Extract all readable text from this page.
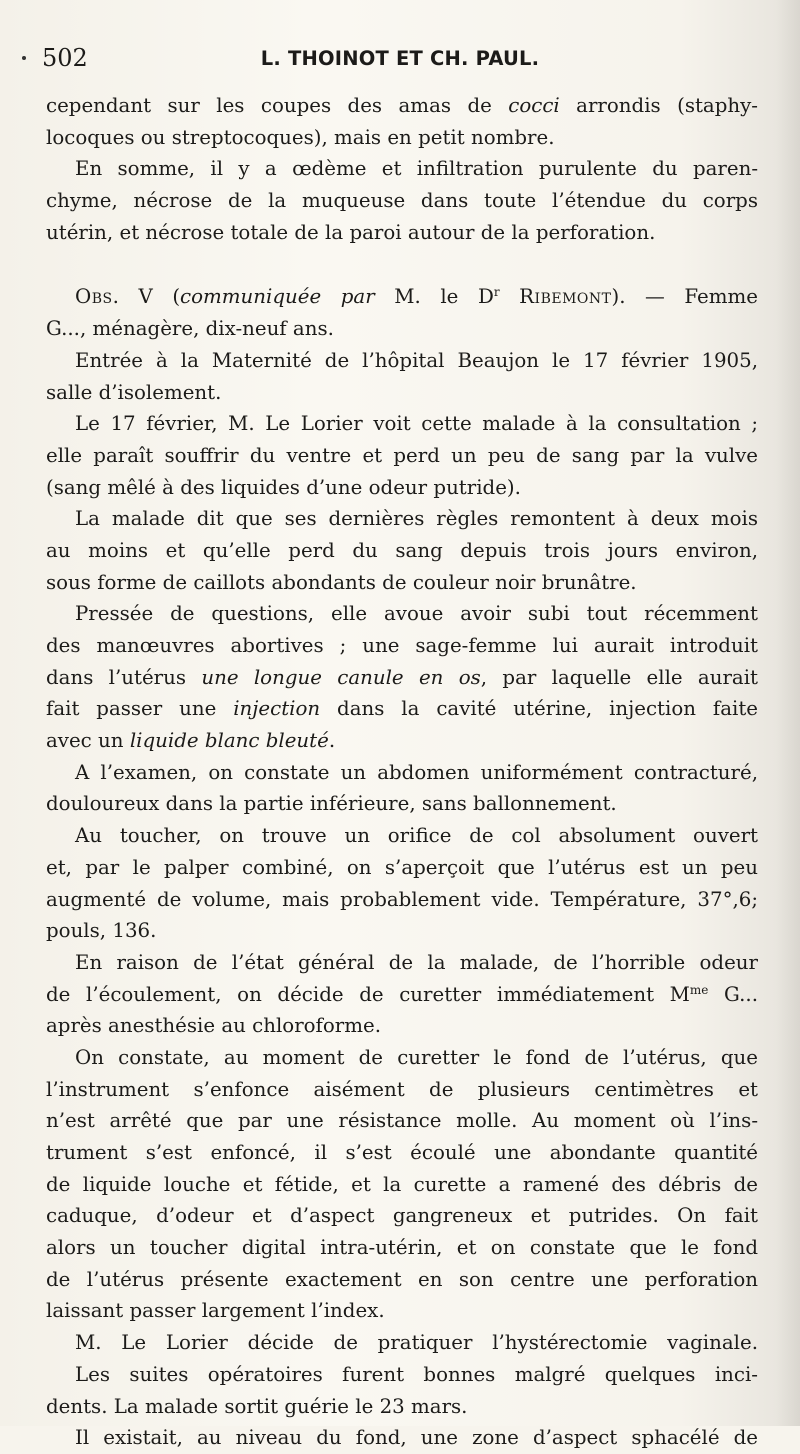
502	L. THOINOT ET CH. PAUL.
cependant sur les coupes des amas de cocci arrondis (staphy-
locoques ou streptocoques), mais en petit nombre.
En somme, il y a œdème et infiltration purulente du paren-
chyme, nécrose de la muqueuse dans toute l’étendue du corps
utérin, et nécrose totale de la paroi autour de la perforation.
Obs. V (communiquée par M. le $D^r$ Ribemont). — Femme
G..., ménagère, dix-neuf ans.
Entrée à la Maternité de l’hôpital Beaujon le 17 février 1905,
salle d’isolement.
Le 17 février, M. Le Lorier voit cette malade à la consultation ;
elle paraît souffrir du ventre et perd un peu de sang par la vulve
(sang mêlé à des liquides d’une odeur putride).
La malade dit que ses dernières règles remontent à deux mois
au moins et qu’elle perd du sang depuis trois jours environ,
sous forme de caillots abondants de couleur noir brunâtre.
Pressée de questions, elle avoue avoir subi tout récemment
des manœuvres abortives ; une sage-femme lui aurait introduit
dans l’utérus une longue canule en os, par laquelle elle aurait
fait passer une injection dans la cavité utérine, injection faite
avec un liquide blanc bleuté.
A l’examen, on constate un abdomen uniformément contracturé,
douloureux dans la partie inférieure, sans ballonnement.
Au toucher, on trouve un orifice de col absolument ouvert
et, par le palper combiné, on s’aperçoit que l’utérus est un peu
augmenté de volume, mais probablement vide. Température, 37°,6;
pouls, 136.
En raison de l’état général de la malade, de l’horrible odeur
de l’écoulement, on décide de curetter immédiatement $M^{me}$ G...
après anesthésie au chloroforme.
On constate, au moment de curetter le fond de l’utérus, que
l’instrument s’enfonce aisément de plusieurs centimètres et
n’est arrêté que par une résistance molle. Au moment où l’ins-
trument s’est enfoncé, il s’est écoulé une abondante quantité
de liquide louche et fétide, et la curette a ramené des débris de
caduque, d’odeur et d’aspect gangreneux et putrides. On fait
alors un toucher digital intra-utérin, et on constate que le fond
de l’utérus présente exactement en son centre une perforation
laissant passer largement l’index.
M. Le Lorier décide de pratiquer l’hystérectomie vaginale.
Les suites opératoires furent bonnes malgré quelques inci-
dents. La malade sortit guérie le 23 mars.
Il existait, au niveau du fond, une zone d’aspect sphacélé de
